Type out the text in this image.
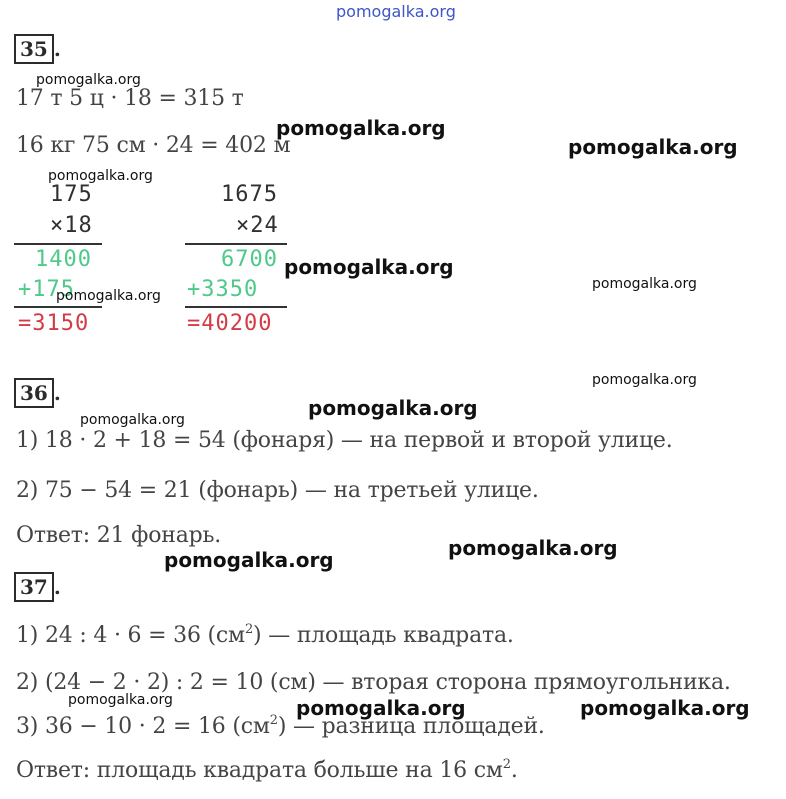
pomogalka.org
35 .
17 т 5 ц · 18 = 315 т
16 кг 75 см · 24 = 402 м
175
×18
1400
+175
=3150
1675
×24
6700
+3350
=40200
36 .
1) 18 · 2 + 18 = 54 (фонаря) — на первой и второй улице.
2) 75 − 54 = 21 (фонарь) — на третьей улице.
Ответ: 21 фонарь.
37 .
1) 24 : 4 · 6 = 36 $(см^2)$ — площадь квадрата.
2) (24 − 2 · 2) : 2 = 10 (см) — вторая сторона прямоугольника.
3) 36 − 10 · 2 = 16 $(см^2)$ — разница площадей.
Ответ: площадь квадрата больше на 16 $см^2$.
pomogalka.org
pomogalka.org
pomogalka.org
pomogalka.org
pomogalka.org
pomogalka.org
pomogalka.org
pomogalka.org
pomogalka.org
pomogalka.org
pomogalka.org
pomogalka.org
pomogalka.org	pomogalka.org	pomogalka.org
